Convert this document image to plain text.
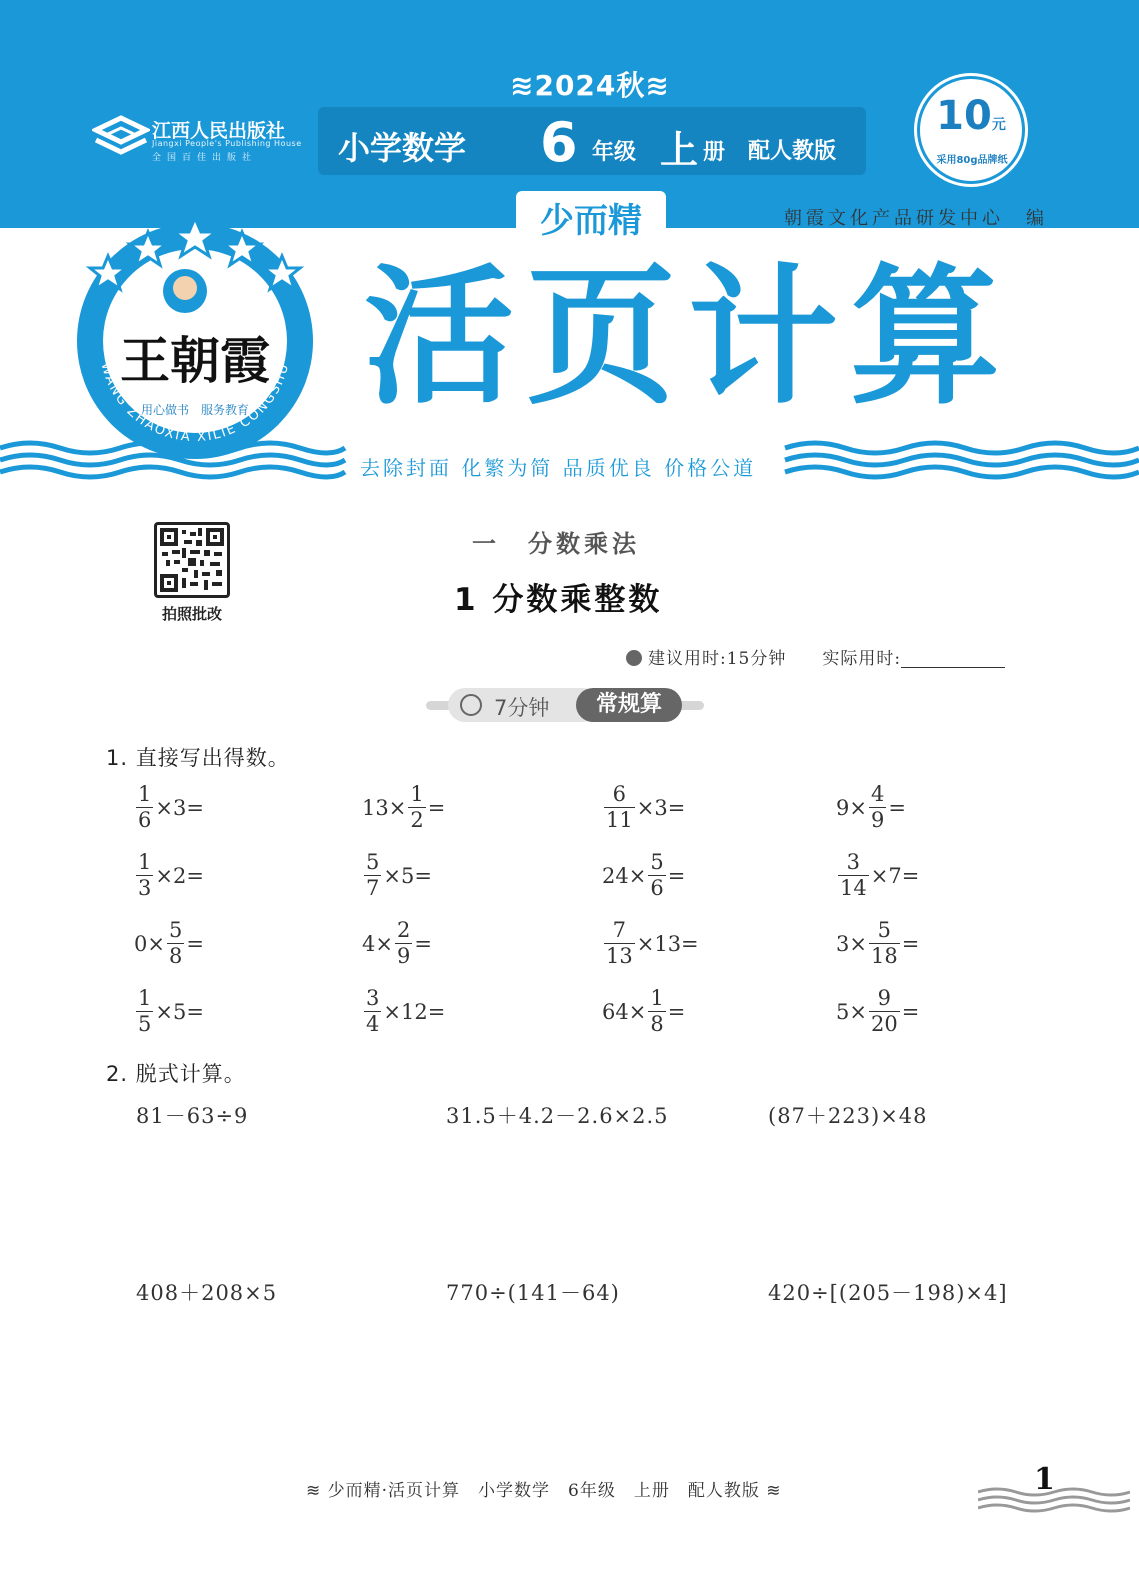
江西人民出版社
Jiangxi People's Publishing House
全国百佳出版社
≋2024秋≋
小学数学 6 年级 上 册 配人教版
10元
采用80g品牌纸
少而精	朝霞文化产品研发中心　编
活页计算
去除封面 化繁为简 品质优良 价格公道
王朝霞
用心做书　服务教育
WANG ZHAOXIA XILIE CONGSHU
拍照批改
一　分数乘法
1 分数乘整数
建议用时:15分钟　　 实际用时:
7分钟	常规算
1. 直接写出得数。
$\frac{1}{6} \times 3=$	$13\times \frac{1}{2}$ =	$\frac{6}{11} \times 3=$	$9\times \frac{4}{9}$ =
$\frac{1}{3} \times 2=$	$\frac{5}{7} \times 5=$	$24\times \frac{5}{6}$ =	$\frac{3}{14} \times 7=$
$0\times \frac{5}{8}$ =	$4\times \frac{2}{9}$ =	$\frac{7}{13} \times 13=$	$3\times \frac{5}{18}$ =
$\frac{1}{5} \times 5=$	$\frac{3}{4} \times 12=$	$64\times \frac{1}{8}$ =	$5\times \frac{9}{20}$ =
2. 脱式计算。
81－63÷9	31.5＋4.2－2.6×2.5	(87＋223)×48
408＋208×5	770÷(141－64)	420÷[(205－198)×4]
≋ 少而精·活页计算　小学数学　6年级　上册　配人教版 ≋	1
